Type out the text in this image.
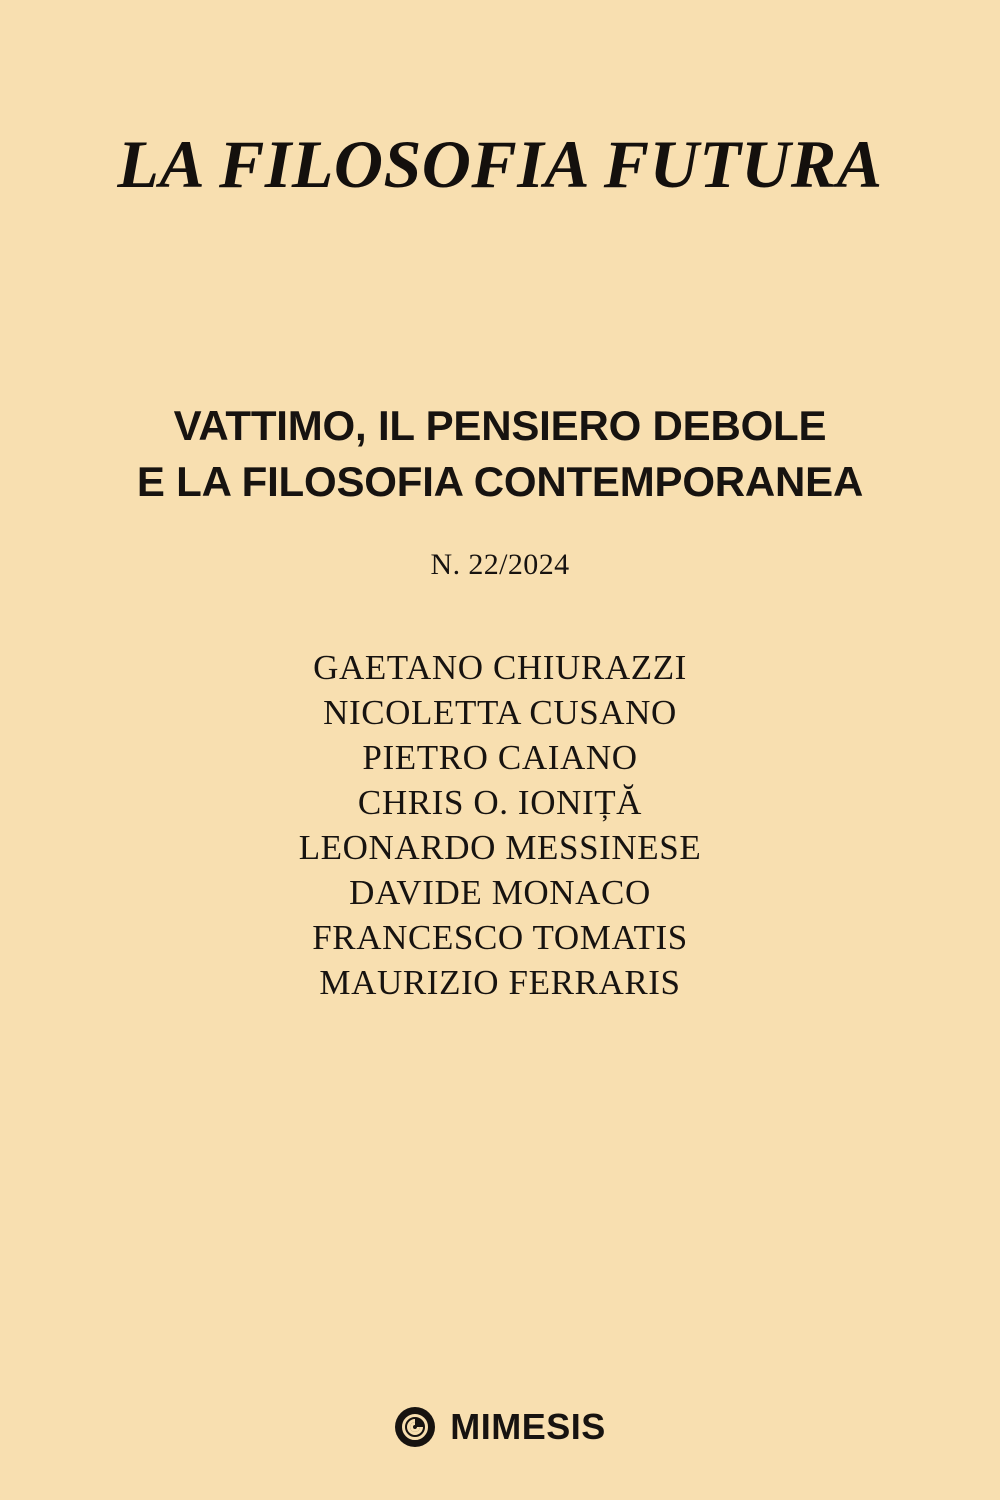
LA FILOSOFIA FUTURA
VATTIMO, IL PENSIERO DEBOLE
E LA FILOSOFIA CONTEMPORANEA
N. 22/2024
GAETANO CHIURAZZI
NICOLETTA CUSANO
PIETRO CAIANO
CHRIS O. IONIȚĂ
LEONARDO MESSINESE
DAVIDE MONACO
FRANCESCO TOMATIS
MAURIZIO FERRARIS
MIMESIS
